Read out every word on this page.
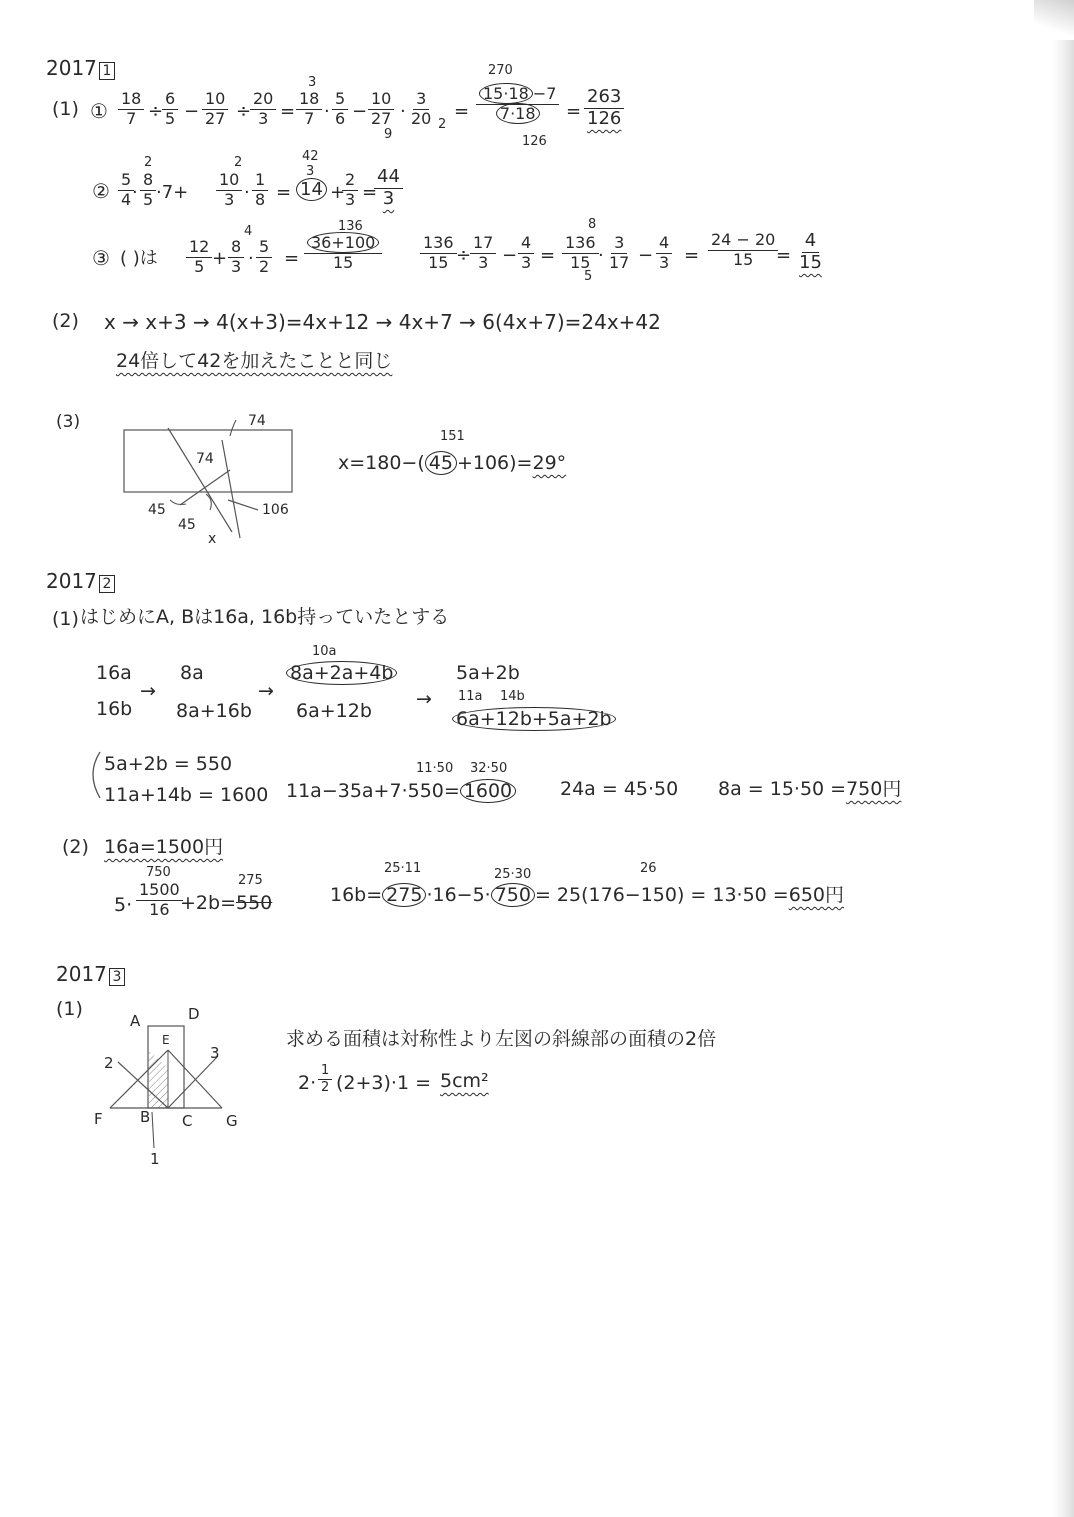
2017 1
(1) ① $\frac{18}{7}$ ÷
$\frac{6}{5} - \frac{10}{27}$ ÷
$\frac{20}{3}$ =
3
$\frac{18}{7} \cdot \frac{5}{6} - \frac{10}{27}$
9
· $\frac{3}{20} 2$
=
270
$\frac{15\cdot 18 -7}{7\cdot 18}$
126
= $\frac{263}{126}$
②
2
$\frac{5}{4}$
· $\frac{8}{5} \cdot 7+$
2
$\frac{10}{3} \cdot \frac{1}{8}$ =
42
3
14 +
$\frac{2}{3}$ =
$\frac{44}{3}$
③ ( )は $\frac{12}{5}$ +
4
$\frac{8}{3} \cdot \frac{5}{2}$ =
136
$\frac{36+100}{15} \frac{136}{15}$ ÷
$\frac{17}{3} - \frac{4}{3}$ =
8
$\frac{136}{15}$
5
· $\frac{3}{17} - \frac{4}{3} = \frac{24 - 20}{15}$
= $\frac{4}{15}$
(2) x → x+3 → 4(x+3)=4x+12 → 4x+7 → 6(4x+7)=24x+42
24倍して42を加えたことと同じ
(3)	74
74
45
45
106
x
151
x=180−( 45 +106)=29°
2017 2
(1) はじめにA, Bは16a, 16b持っていたとする
16a
16b
→
8a
8a+16b
→
10a
8a+2a+4b
6a+12b
→
5a+2b
11a 14b
6a+12b+5a+2b
5a+2b = 550
11a+14b = 1600
11·50 32·50
11a−35a+7·550= 1600	24a = 45·50 8a = 15·50 =750円
(2) 16a=1500円
750
275
$5\cdot \frac{1500}{16}$
+2b= 550
25·11	25·30	26
16b= 275 ·16−5· 750 = 25(176−150) = 13·50 =650円
2017 3
(1)
A	D
E
2
3
F B C G
1
求める面積は対称性より左図の斜線部の面積の2倍
$2\cdot \frac{1}{2} (2+3)\cdot 1 = 5cm^2$
